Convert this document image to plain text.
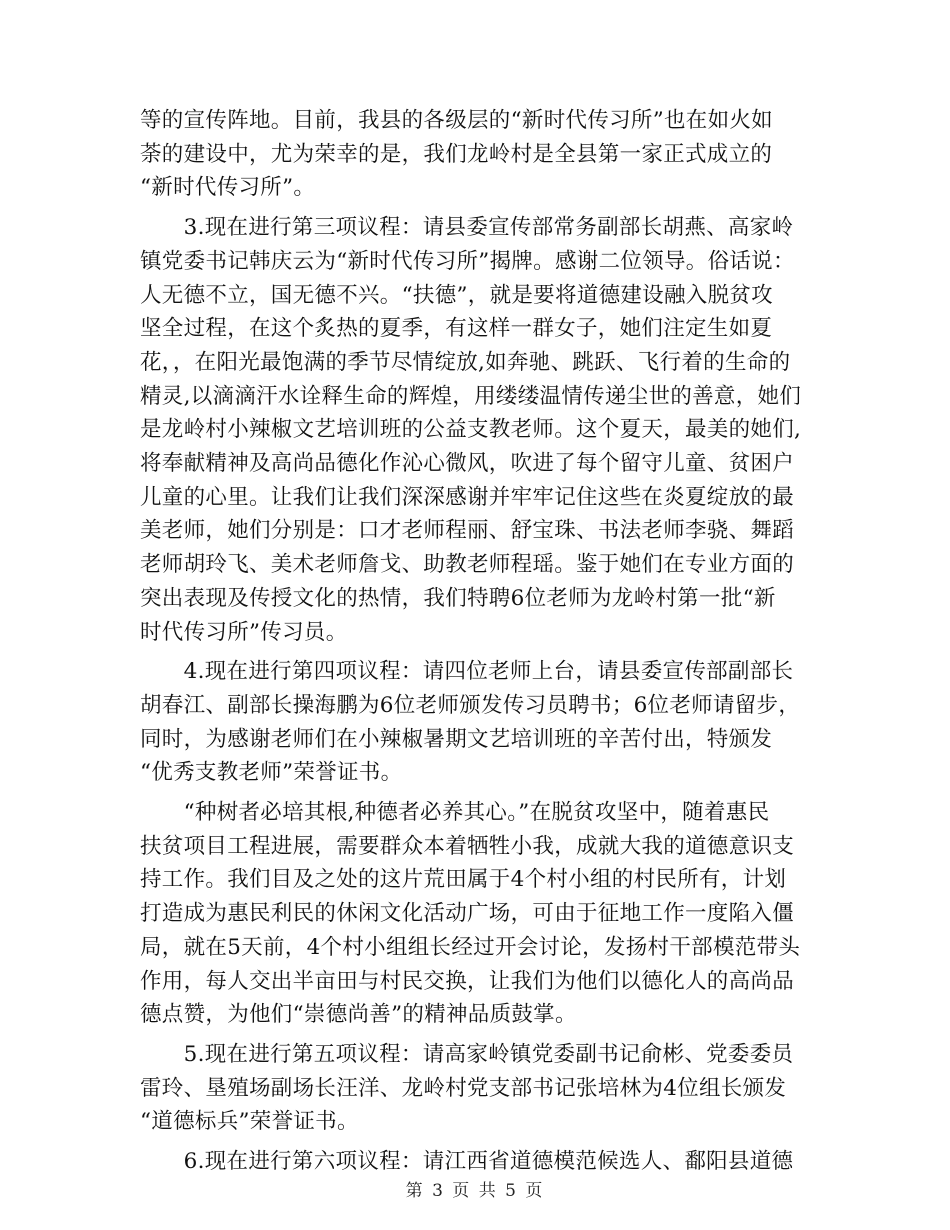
等的宣传阵地。目前，我县的各级层的“新时代传习所”也在如火如
荼的建设中，尤为荣幸的是，我们龙岭村是全县第一家正式成立的
“新时代传习所”。
　　3.现在进行第三项议程：请县委宣传部常务副部长胡燕、高家岭
镇党委书记韩庆云为“新时代传习所”揭牌。感谢二位领导。俗话说：
人无德不立，国无德不兴。“扶德”，就是要将道德建设融入脱贫攻
坚全过程，在这个炙热的夏季，有这样一群女子，她们注定生如夏
花，，在阳光最饱满的季节尽情绽放,如奔驰、跳跃、飞行着的生命的
精灵,以滴滴汗水诠释生命的辉煌，用缕缕温情传递尘世的善意，她们
是龙岭村小辣椒文艺培训班的公益支教老师。这个夏天，最美的她们,
将奉献精神及高尚品德化作沁心微风，吹进了每个留守儿童、贫困户
儿童的心里。让我们让我们深深感谢并牢牢记住这些在炎夏绽放的最
美老师，她们分别是：口才老师程丽、舒宝珠、书法老师李骁、舞蹈
老师胡玲飞、美术老师詹戈、助教老师程瑶。鉴于她们在专业方面的
突出表现及传授文化的热情，我们特聘6位老师为龙岭村第一批“新
时代传习所”传习员。
　　4.现在进行第四项议程：请四位老师上台，请县委宣传部副部长
胡春江、副部长操海鹏为6位老师颁发传习员聘书；6位老师请留步，
同时，为感谢老师们在小辣椒暑期文艺培训班的辛苦付出，特颁发
“优秀支教老师”荣誉证书。
　　“种树者必培其根,种德者必养其心。”在脱贫攻坚中，随着惠民
扶贫项目工程进展，需要群众本着牺牲小我，成就大我的道德意识支
持工作。我们目及之处的这片荒田属于4个村小组的村民所有，计划
打造成为惠民利民的休闲文化活动广场，可由于征地工作一度陷入僵
局，就在5天前，4个村小组组长经过开会讨论，发扬村干部模范带头
作用，每人交出半亩田与村民交换，让我们为他们以德化人的高尚品
德点赞，为他们“崇德尚善”的精神品质鼓掌。
　　5.现在进行第五项议程：请高家岭镇党委副书记俞彬、党委委员
雷玲、垦殖场副场长汪洋、龙岭村党支部书记张培林为4位组长颁发
“道德标兵”荣誉证书。
　　6.现在进行第六项议程：请江西省道德模范候选人、鄱阳县道德
第 3 页 共 5 页
